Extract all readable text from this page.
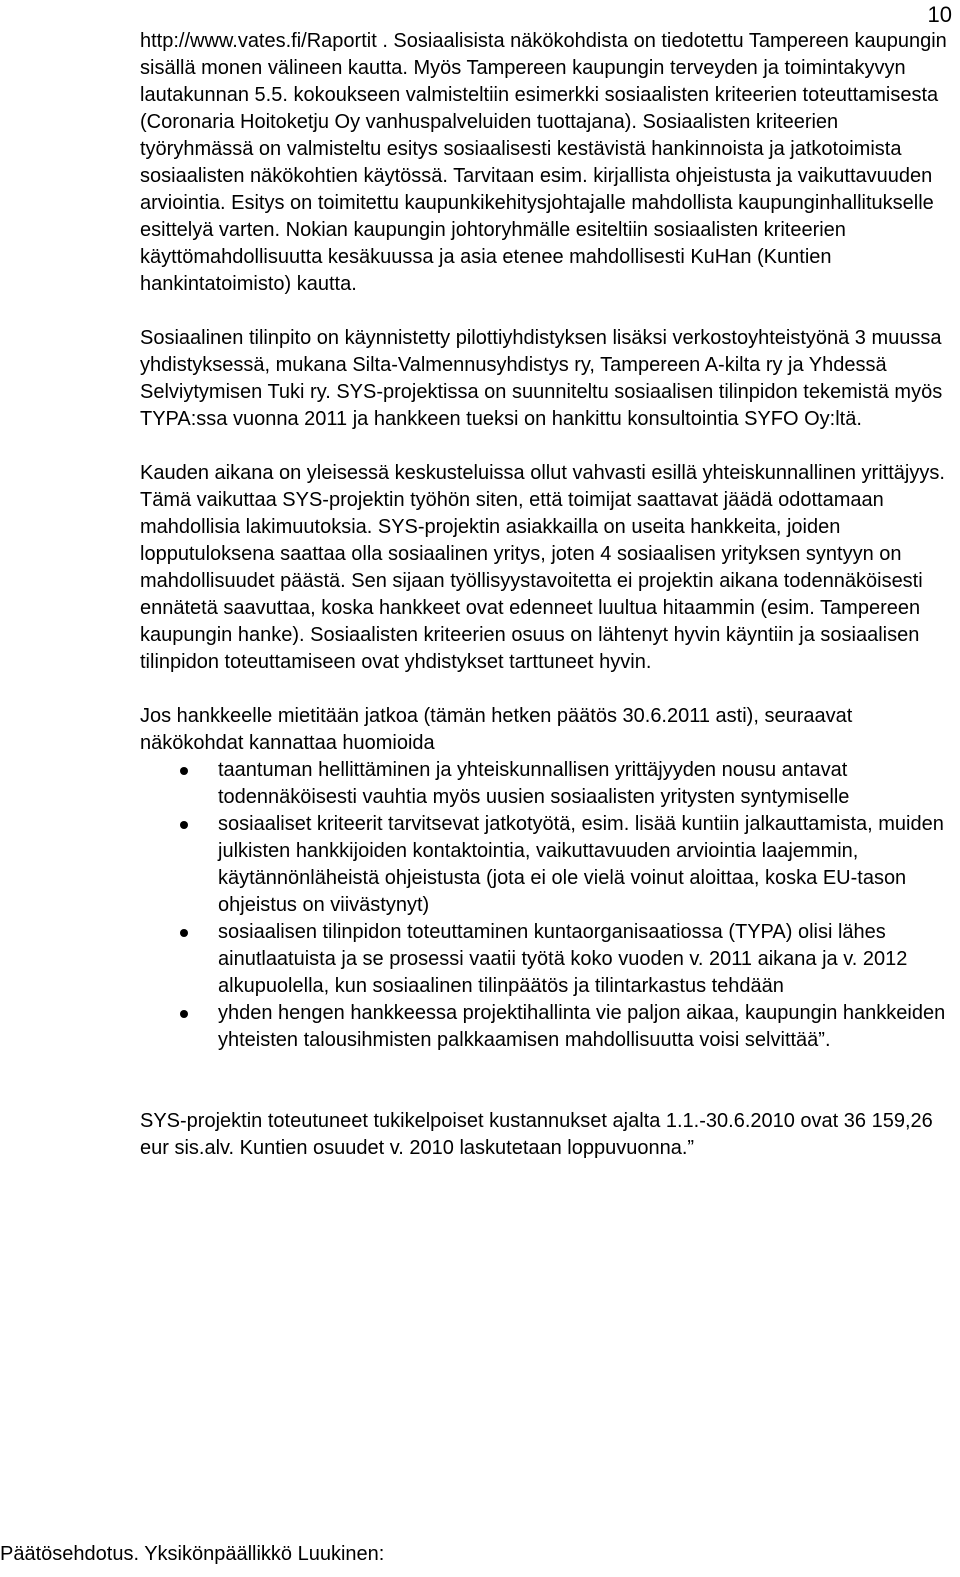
10

http://www.vates.fi/Raportit . Sosiaalisista näkökohdista on tiedotettu Tampereen kaupungin sisällä monen välineen kautta. Myös Tampereen kaupungin terveyden ja toimintakyvyn lautakunnan 5.5. kokoukseen valmisteltiin esimerkki sosiaalisten kriteerien toteuttamisesta (Coronaria Hoitoketju Oy vanhuspalveluiden tuottajana). Sosiaalisten kriteerien työryhmässä on valmisteltu esitys sosiaalisesti kestävistä hankinnoista ja jatkotoimista sosiaalisten näkökohtien käytössä. Tarvitaan esim. kirjallista ohjeistusta ja vaikuttavuuden arviointia. Esitys on toimitettu kaupunkikehitysjohtajalle mahdollista kaupunginhallitukselle esittelyä varten. Nokian kaupungin johtoryhmälle esiteltiin sosiaalisten kriteerien käyttömahdollisuutta kesäkuussa ja asia etenee mahdollisesti KuHan (Kuntien hankintatoimisto) kautta.

Sosiaalinen tilinpito on käynnistetty pilottiyhdistyksen lisäksi verkostoyhteistyönä 3 muussa yhdistyksessä, mukana Silta-Valmennusyhdistys ry, Tampereen A-kilta ry ja Yhdessä Selviytymisen Tuki ry. SYS-projektissa on suunniteltu sosiaalisen tilinpidon tekemistä myös TYPA:ssa vuonna 2011 ja hankkeen tueksi on hankittu konsultointia SYFO Oy:ltä.

Kauden aikana on yleisessä keskusteluissa ollut vahvasti esillä yhteiskunnallinen yrittäjyys. Tämä vaikuttaa SYS-projektin työhön siten, että toimijat saattavat jäädä odottamaan mahdollisia lakimuutoksia. SYS-projektin asiakkailla on useita hankkeita, joiden lopputuloksena saattaa olla sosiaalinen yritys, joten 4 sosiaalisen yrityksen syntyyn on mahdollisuudet päästä. Sen sijaan työllisyystavoitetta ei projektin aikana todennäköisesti ennätetä saavuttaa, koska hankkeet ovat edenneet luultua hitaammin (esim. Tampereen kaupungin hanke). Sosiaalisten kriteerien osuus on lähtenyt hyvin käyntiin ja sosiaalisen tilinpidon toteuttamiseen ovat yhdistykset tarttuneet hyvin.

Jos hankkeelle mietitään jatkoa (tämän hetken päätös 30.6.2011 asti), seuraavat näkökohdat kannattaa huomioida

taantuman hellittäminen ja yhteiskunnallisen yrittäjyyden nousu antavat todennäköisesti vauhtia myös uusien sosiaalisten yritysten syntymiselle
sosiaaliset kriteerit tarvitsevat jatkotyötä, esim. lisää kuntiin jalkauttamista, muiden julkisten hankkijoiden kontaktointia, vaikuttavuuden arviointia laajemmin, käytännönläheistä ohjeistusta (jota ei ole vielä voinut aloittaa, koska EU-tason ohjeistus on viivästynyt)
sosiaalisen tilinpidon toteuttaminen kuntaorganisaatiossa (TYPA) olisi lähes ainutlaatuista ja se prosessi vaatii työtä koko vuoden v. 2011 aikana ja v. 2012 alkupuolella, kun sosiaalinen tilinpäätös ja tilintarkastus tehdään
yhden hengen hankkeessa projektihallinta vie paljon aikaa, kaupungin hankkeiden yhteisten talousihmisten palkkaamisen mahdollisuutta voisi selvittää”.

SYS-projektin toteutuneet tukikelpoiset kustannukset ajalta 1.1.-30.6.2010 ovat 36 159,26 eur sis.alv. Kuntien osuudet v. 2010 laskutetaan loppuvuonna.”

Päätösehdotus. Yksikönpäällikkö Luukinen:
